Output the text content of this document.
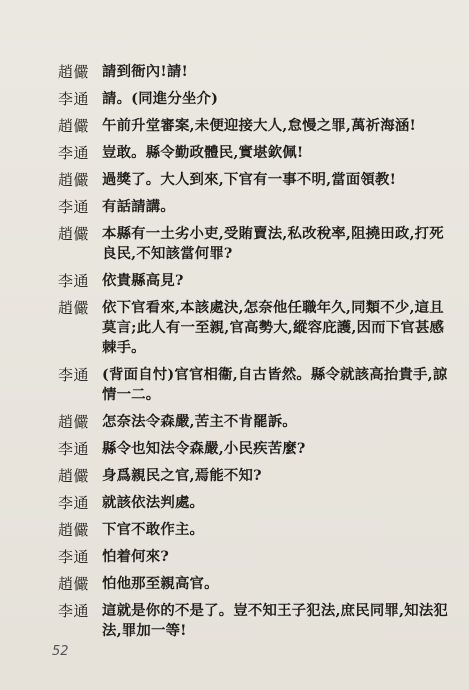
趙儼 請到衙內!請!
李通 請。(同進分坐介)
趙儼 午前升堂審案,未便迎接大人,怠慢之罪,萬祈海涵!
李通 豈敢。縣令勤政體民,實堪欽佩!
趙儼 過獎了。大人到來,下官有一事不明,當面領教!
李通 有話請講。
趙儼 本縣有一土劣小吏,受賄賣法,私改稅率,阻撓田政,打死良民,不知該當何罪?
李通 依貴縣高見?
趙儼 依下官看來,本該處決,怎奈他任職年久,同類不少,這且莫言;此人有一至親,官高勢大,縱容庇護,因而下官甚感棘手。
李通 (背面自忖)官官相衞,自古皆然。縣令就該高抬貴手,諒情一二。
趙儼 怎奈法令森嚴,苦主不肯罷訴。
李通 縣令也知法令森嚴,小民疾苦麼?
趙儼 身爲親民之官,焉能不知?
李通 就該依法判處。
趙儼 下官不敢作主。
李通 怕着何來?
趙儼 怕他那至親高官。
李通 這就是你的不是了。豈不知王子犯法,庶民同罪,知法犯法,罪加一等!
52
